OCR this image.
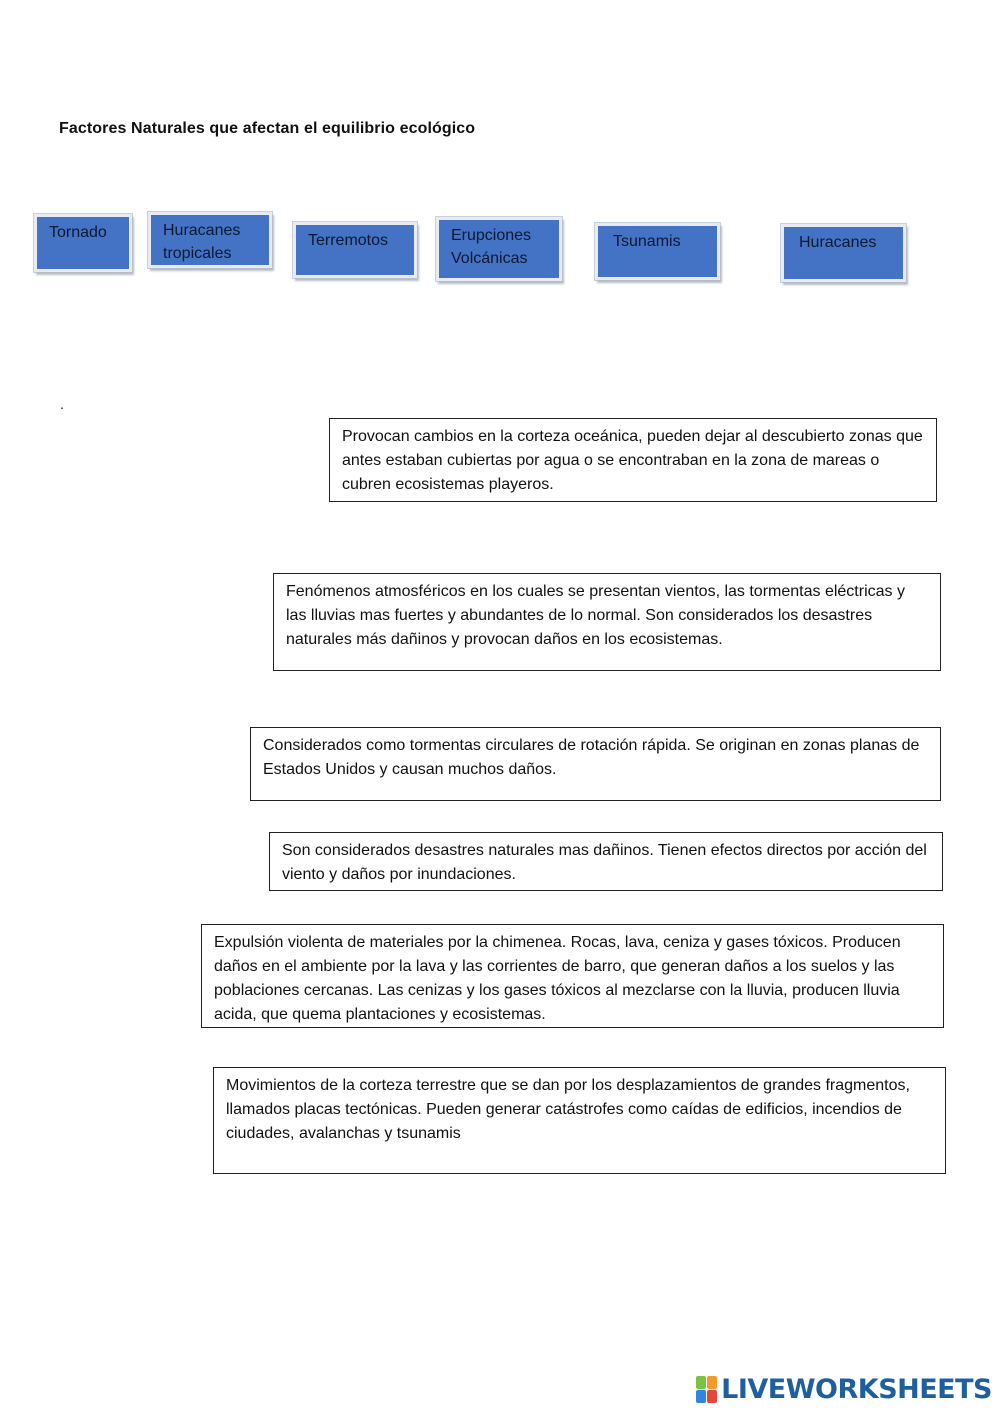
Factores Naturales que afectan el equilibrio ecológico
Tornado	Huracanes tropicales
Terremotos	Erupciones Volcánicas
Tsunamis	Huracanes
.
Provocan cambios en la corteza oceánica, pueden dejar al descubierto zonas que antes estaban cubiertas por agua o se encontraban en la zona de mareas o cubren ecosistemas playeros.
Fenómenos atmosféricos en los cuales se presentan vientos, las tormentas eléctricas y las lluvias mas fuertes y abundantes de lo normal. Son considerados los desastres naturales más dañinos y provocan daños en los ecosistemas.
Considerados como tormentas circulares de rotación rápida. Se originan en zonas planas de Estados Unidos y causan muchos daños.
Son considerados desastres naturales mas dañinos. Tienen efectos directos por acción del viento y daños por inundaciones.
Expulsión violenta de materiales por la chimenea. Rocas, lava, ceniza y gases tóxicos. Producen daños en el ambiente por la lava y las corrientes de barro, que generan daños a los suelos y las poblaciones cercanas. Las cenizas y los gases tóxicos al mezclarse con la lluvia, producen lluvia acida, que quema plantaciones y ecosistemas.
Movimientos de la corteza terrestre que se dan por los desplazamientos de grandes fragmentos, llamados placas tectónicas. Pueden generar catástrofes como caídas de edificios, incendios de ciudades, avalanchas y tsunamis
LIVEWORKSHEETS
